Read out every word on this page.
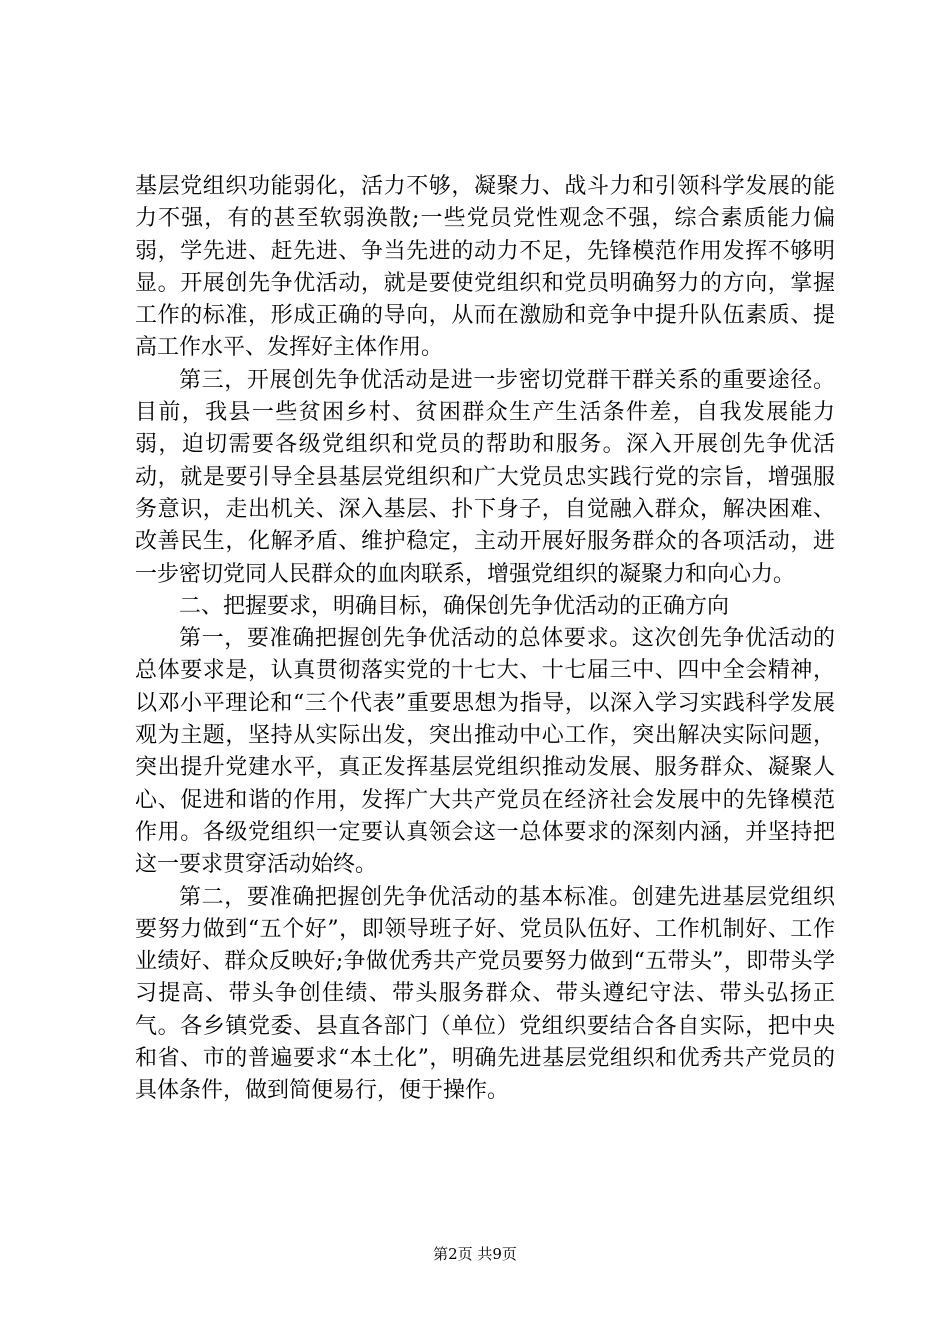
基层党组织功能弱化，活力不够，凝聚力、战斗力和引领科学发展的能力不强，有的甚至软弱涣散;一些党员党性观念不强，综合素质能力偏弱，学先进、赶先进、争当先进的动力不足，先锋模范作用发挥不够明显。开展创先争优活动，就是要使党组织和党员明确努力的方向，掌握工作的标准，形成正确的导向，从而在激励和竞争中提升队伍素质、提高工作水平、发挥好主体作用。

第三，开展创先争优活动是进一步密切党群干群关系的重要途径。目前，我县一些贫困乡村、贫困群众生产生活条件差，自我发展能力弱，迫切需要各级党组织和党员的帮助和服务。深入开展创先争优活动，就是要引导全县基层党组织和广大党员忠实践行党的宗旨，增强服务意识，走出机关、深入基层、扑下身子，自觉融入群众，解决困难、改善民生，化解矛盾、维护稳定，主动开展好服务群众的各项活动，进一步密切党同人民群众的血肉联系，增强党组织的凝聚力和向心力。

二、把握要求，明确目标，确保创先争优活动的正确方向

第一，要准确把握创先争优活动的总体要求。这次创先争优活动的总体要求是，认真贯彻落实党的十七大、十七届三中、四中全会精神，以邓小平理论和“三个代表”重要思想为指导，以深入学习实践科学发展观为主题，坚持从实际出发，突出推动中心工作，突出解决实际问题，突出提升党建水平，真正发挥基层党组织推动发展、服务群众、凝聚人心、促进和谐的作用，发挥广大共产党员在经济社会发展中的先锋模范作用。各级党组织一定要认真领会这一总体要求的深刻内涵，并坚持把这一要求贯穿活动始终。

第二，要准确把握创先争优活动的基本标准。创建先进基层党组织要努力做到“五个好”，即领导班子好、党员队伍好、工作机制好、工作业绩好、群众反映好;争做优秀共产党员要努力做到“五带头”，即带头学习提高、带头争创佳绩、带头服务群众、带头遵纪守法、带头弘扬正气。各乡镇党委、县直各部门（单位）党组织要结合各自实际，把中央和省、市的普遍要求“本土化”，明确先进基层党组织和优秀共产党员的具体条件，做到简便易行，便于操作。

第2页 共9页
